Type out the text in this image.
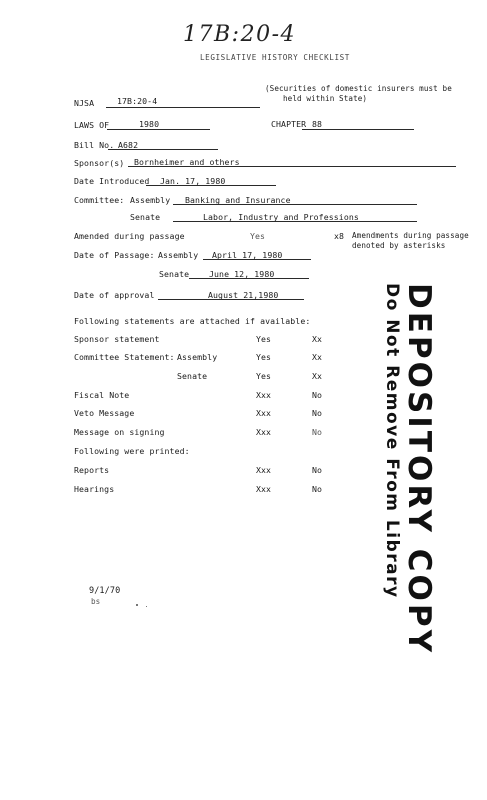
17B:20-4
LEGISLATIVE HISTORY CHECKLIST
(Securities of domestic insurers must be
held within State)
NJSA	17B:20-4
LAWS OF	1980	CHAPTER 88
Bill No. A682
Sponsor(s) Bornheimer and others
Date Introduced Jan. 17, 1980
Committee: Assembly Banking and Insurance
Senate	Labor, Industry and Professions
Amended during passage	Yes	x8 Amendments during passage
denoted by asterisks
Date of Passage: Assembly April 17, 1980
Senate June 12, 1980
Date of approval	August 21,1980
Following statements are attached if available:
Sponsor statement	Yes	Xx
Committee Statement: Assembly	Yes	Xx
Senate	Yes	Xx
Fiscal Note	Xxx	No
Veto Message	Xxx	No
Message on signing	Xxx	No
Following were printed:
Reports	Xxx	No
Hearings	Xxx	No
9/1/70
bs	DEPOSITORY COPY
Do Not Remove From Library
